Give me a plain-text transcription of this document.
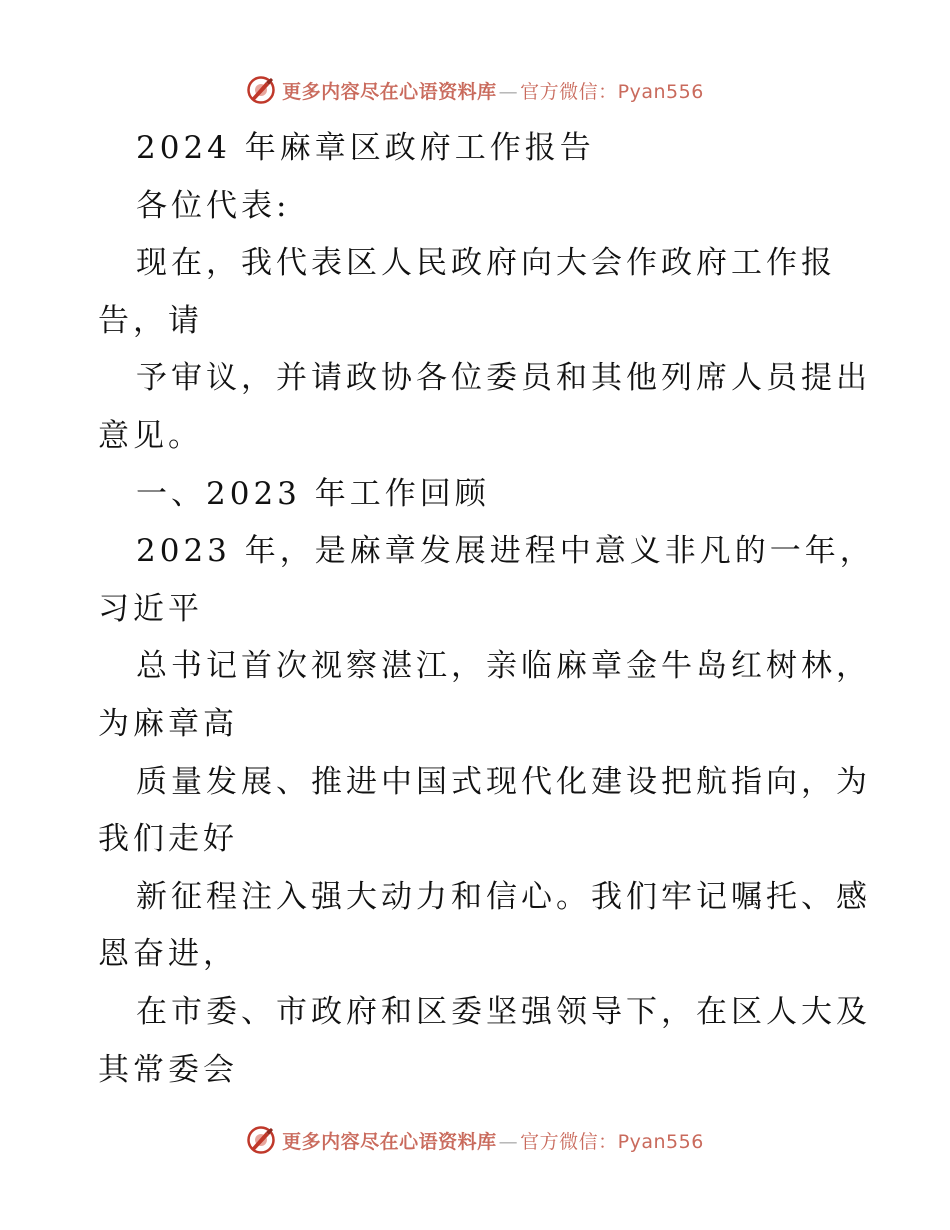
更多内容尽在心语资料库 — 官方微信：Pyan556
2024 年麻章区政府工作报告
各位代表:
现在，我代表区人民政府向大会作政府工作报
告，请
予审议，并请政协各位委员和其他列席人员提出
意见。
一、2023 年工作回顾
2023 年，是麻章发展进程中意义非凡的一年，
习近平
总书记首次视察湛江，亲临麻章金牛岛红树林，
为麻章高
质量发展、推进中国式现代化建设把航指向，为
我们走好
新征程注入强大动力和信心。我们牢记嘱托、感
恩奋进，
在市委、市政府和区委坚强领导下，在区人大及
其常委会
更多内容尽在心语资料库 — 官方微信：Pyan556
